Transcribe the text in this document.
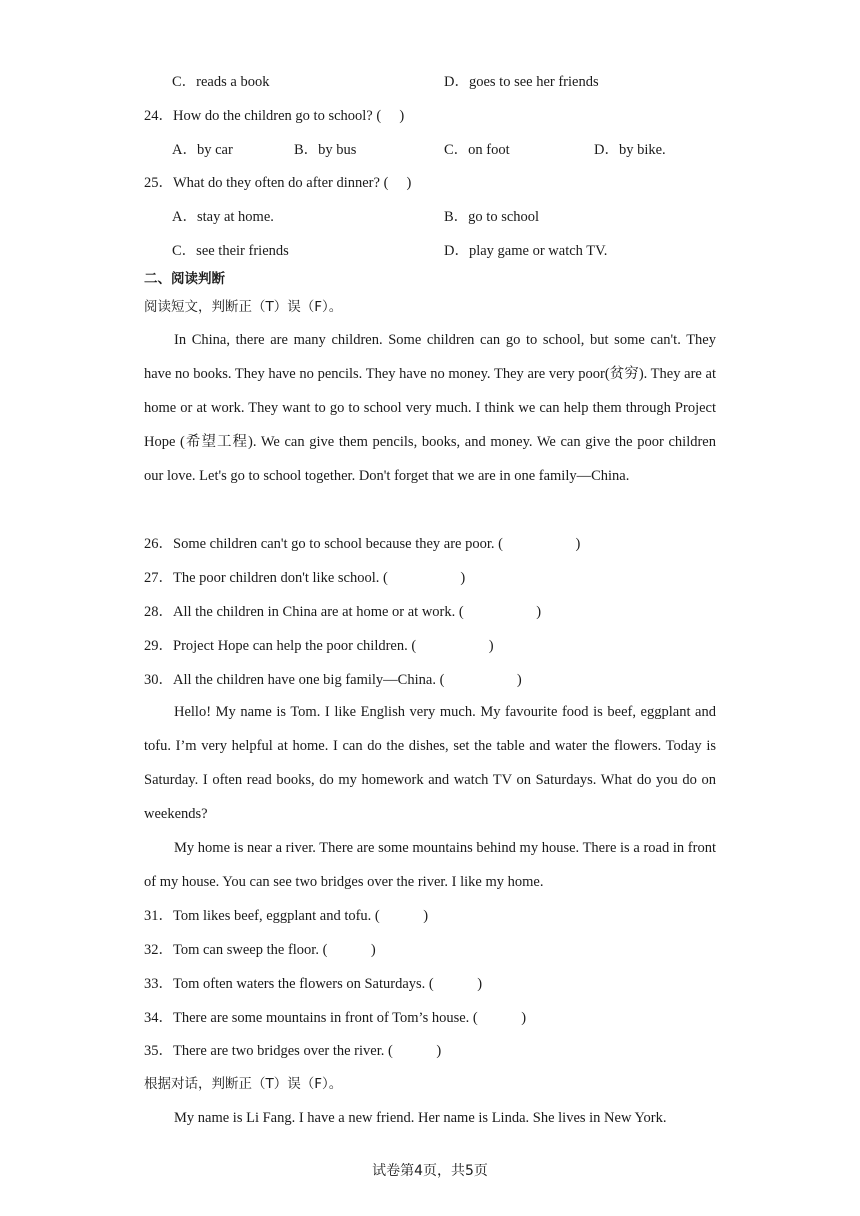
C．reads a book	D．goes to see her friends
24．How do the children go to school? (　 )
A．by car	B．by bus	C．on foot	D．by bike.
25．What do they often do after dinner? (　 )
A．stay at home.	B．go to school
C．see their friends	D．play game or watch TV.
二、阅读判断
阅读短文，判断正（T）误（F）。
In China, there are many children. Some children can go to school, but some can't. They have no books. They have no pencils. They have no money. They are very poor(贫穷). They are at home or at work. They want to go to school very much. I think we can help them through Project Hope (希望工程). We can give them pencils, books, and money. We can give the poor children our love. Let's go to school together. Don't forget that we are in one family—China.
26．Some children can't go to school because they are poor. (　　　　　)
27．The poor children don't like school. (　　　　　)
28．All the children in China are at home or at work. (　　　　　)
29．Project Hope can help the poor children. (　　　　　)
30．All the children have one big family—China. (　　　　　)
Hello! My name is Tom. I like English very much. My favourite food is beef, eggplant and tofu. I’m very helpful at home. I can do the dishes, set the table and water the flowers. Today is Saturday. I often read books, do my homework and watch TV on Saturdays. What do you do on weekends?
My home is near a river. There are some mountains behind my house. There is a road in front of my house. You can see two bridges over the river. I like my home.
31．Tom likes beef, eggplant and tofu. (　　　)
32．Tom can sweep the floor. (　　　)
33．Tom often waters the flowers on Saturdays. (　　　)
34．There are some mountains in front of Tom’s house. (　　　)
35．There are two bridges over the river. (　　　)
根据对话，判断正（T）误（F）。
My name is Li Fang. I have a new friend. Her name is Linda. She lives in New York.
试卷第4页，共5页
